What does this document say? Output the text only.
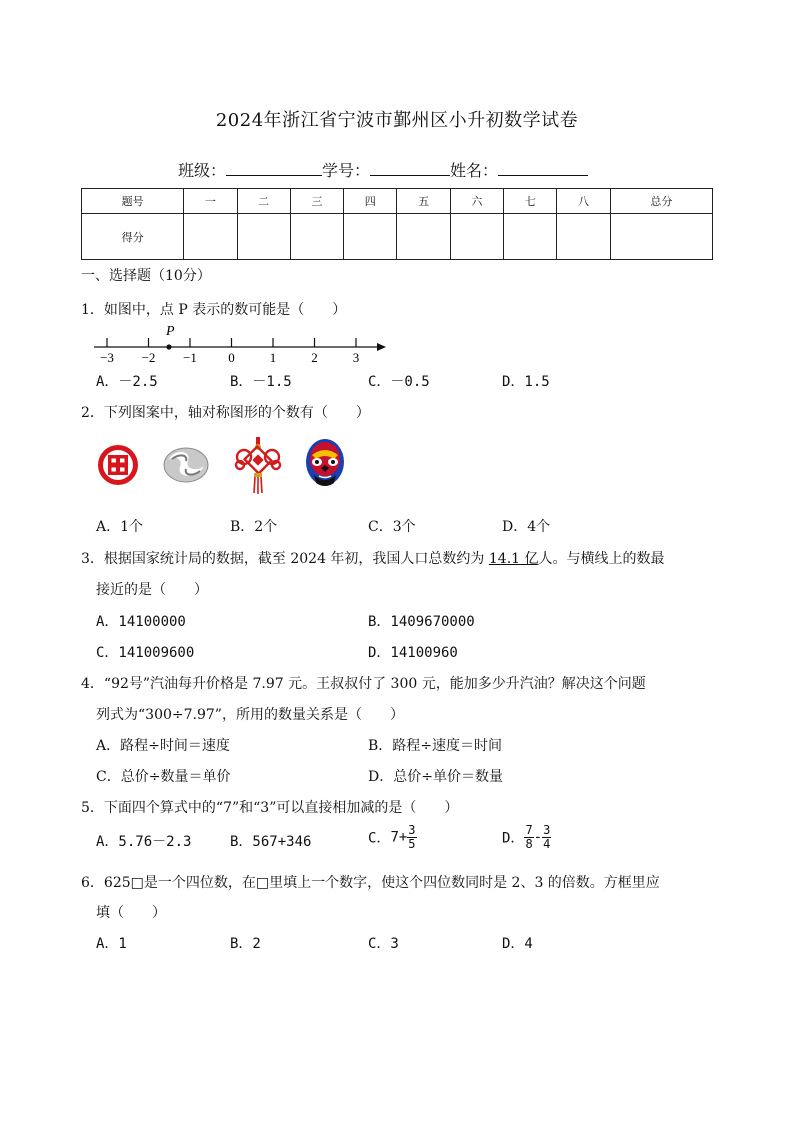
2024年浙江省宁波市鄞州区小升初数学试卷
班级：	学号：	姓名：
题号	一	二	三	四	五	六	七	八	总分
得分									
一、选择题（10分）
1．如图中，点 P 表示的数可能是（　　）
−3 −2 −1 0	1	2	3
P
A．－2.5	B．－1.5	C．－0.5	D．1.5
2．下列图案中，轴对称图形的个数有（　　）
A．1个	B．2个	C．3个	D．4个
3．根据国家统计局的数据，截至 2024 年初，我国人口总数约为 14.1 亿人。与横线上的数最
接近的是（　　）
A．14100000	B．1409670000
C．141009600	D．14100960
4．“92号”汽油每升价格是 7.97 元。王叔叔付了 300 元，能加多少升汽油？解决这个问题
列式为“300÷7.97”，所用的数量关系是（　　）
A．路程÷时间＝速度	B．路程÷速度＝时间
C．总价÷数量＝单价	D．总价÷单价＝数量
5．下面四个算式中的“7”和“3”可以直接相加减的是（　　）
A．5.76－2.3	B．567+346	C．$7+ \frac{3}{5}$	D． $\frac{7}{8} - \frac{3}{4}$
6．625□是一个四位数，在□里填上一个数字，使这个四位数同时是 2、3 的倍数。方框里应
填（　　）
A．1	B．2	C．3	D．4
